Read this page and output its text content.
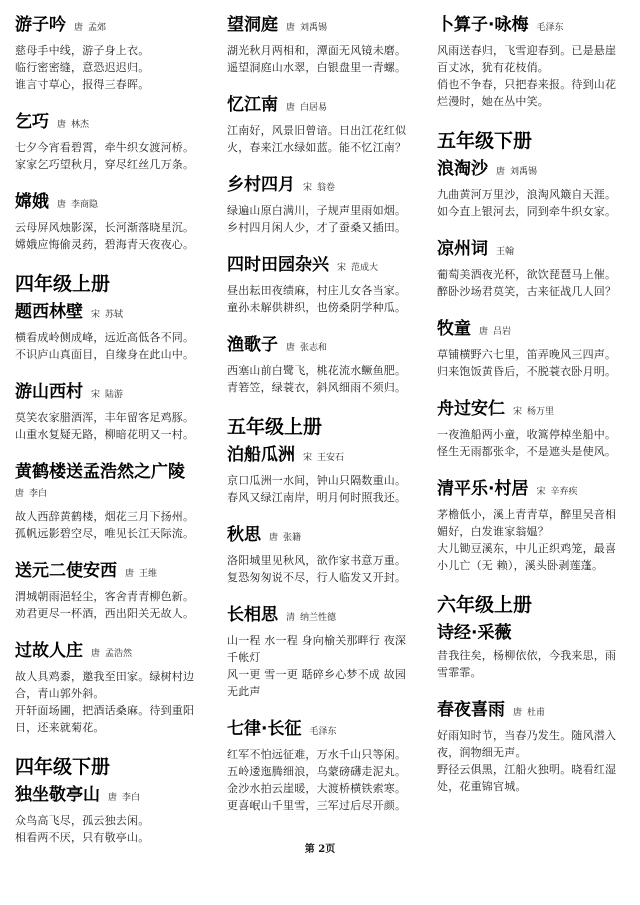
游子吟 唐 孟郊
慈母手中线，游子身上衣。
临行密密缝，意恐迟迟归。
谁言寸草心，报得三春晖。
乞巧 唐 林杰
七夕今宵看碧霄，牵牛织女渡河桥。
家家乞巧望秋月，穿尽红丝几万条。
嫦娥 唐 李商隐
云母屏风烛影深，长河渐落晓星沉。
嫦娥应悔偷灵药，碧海青天夜夜心。
四年级上册
题西林壁 宋 苏轼
横看成岭侧成峰，远近高低各不同。
不识庐山真面目，自缘身在此山中。
游山西村 宋 陆游
莫笑农家腊酒浑，丰年留客足鸡豚。
山重水复疑无路，柳暗花明又一村。
黄鹤楼送孟浩然之广陵
唐 李白
故人西辞黄鹤楼，烟花三月下扬州。
孤帆远影碧空尽，唯见长江天际流。
送元二使安西 唐 王维
渭城朝雨浥轻尘，客舍青青柳色新。
劝君更尽一杯酒，西出阳关无故人。
过故人庄 唐 孟浩然
故人具鸡黍，邀我至田家。绿树村边合，青山郭外斜。
开轩面场圃，把酒话桑麻。待到重阳日，还来就菊花。
四年级下册
独坐敬亭山 唐 李白
众鸟高飞尽，孤云独去闲。
相看两不厌，只有敬亭山。
望洞庭 唐 刘禹锡
湖光秋月两相和，潭面无风镜未磨。
遥望洞庭山水翠，白银盘里一青螺。
忆江南 唐 白居易
江南好，风景旧曾谙。日出江花红似火，春来江水绿如蓝。能不忆江南？
乡村四月 宋 翁卷
绿遍山原白满川，子规声里雨如烟。
乡村四月闲人少，才了蚕桑又插田。
四时田园杂兴 宋 范成大
昼出耘田夜绩麻，村庄儿女各当家。
童孙未解供耕织，也傍桑阴学种瓜。
渔歌子 唐 张志和
西塞山前白鹭飞，桃花流水鳜鱼肥。
青箬笠，绿蓑衣，斜风细雨不须归。
五年级上册
泊船瓜洲 宋 王安石
京口瓜洲一水间，钟山只隔数重山。
春风又绿江南岸，明月何时照我还。
秋思 唐 张籍
洛阳城里见秋风，欲作家书意万重。
复恐匆匆说不尽，行人临发又开封。
长相思 清 纳兰性德
山一程 水一程 身向榆关那畔行 夜深千帐灯
风一更 雪一更 聒碎乡心梦不成 故园无此声
七律·长征 毛泽东
红军不怕远征难，万水千山只等闲。
五岭逶迤腾细浪，乌蒙磅礴走泥丸。
金沙水拍云崖暖，大渡桥横铁索寒。
更喜岷山千里雪，三军过后尽开颜。
卜算子·咏梅 毛泽东
风雨送春归，飞雪迎春到。已是悬崖百丈冰，犹有花枝俏。
俏也不争春，只把春来报。待到山花烂漫时，她在丛中笑。
五年级下册
浪淘沙 唐 刘禹锡
九曲黄河万里沙，浪淘风簸自天涯。
如今直上银河去，同到牵牛织女家。
凉州词 王翰
葡萄美酒夜光杯，欲饮琵琶马上催。
醉卧沙场君莫笑，古来征战几人回？
牧童 唐 吕岩
草铺横野六七里，笛弄晚风三四声。
归来饱饭黄昏后，不脱蓑衣卧月明。
舟过安仁 宋 杨万里
一夜渔船两小童，收篙停棹坐船中。
怪生无雨都张伞，不是遮头是使风。
清平乐·村居 宋 辛弃疾
茅檐低小，溪上青青草，醉里吴音相媚好，白发谁家翁媪？
大儿锄豆溪东，中儿正织鸡笼，最喜小儿亡（无 赖），溪头卧剥莲蓬。
六年级上册
诗经·采薇
昔我往矣，杨柳依依，今我来思，雨雪霏霏。
春夜喜雨 唐 杜甫
好雨知时节，当春乃发生。随风潜入夜，润物细无声。
野径云俱黑，江船火独明。晓看红湿处，花重锦官城。
第 2页
